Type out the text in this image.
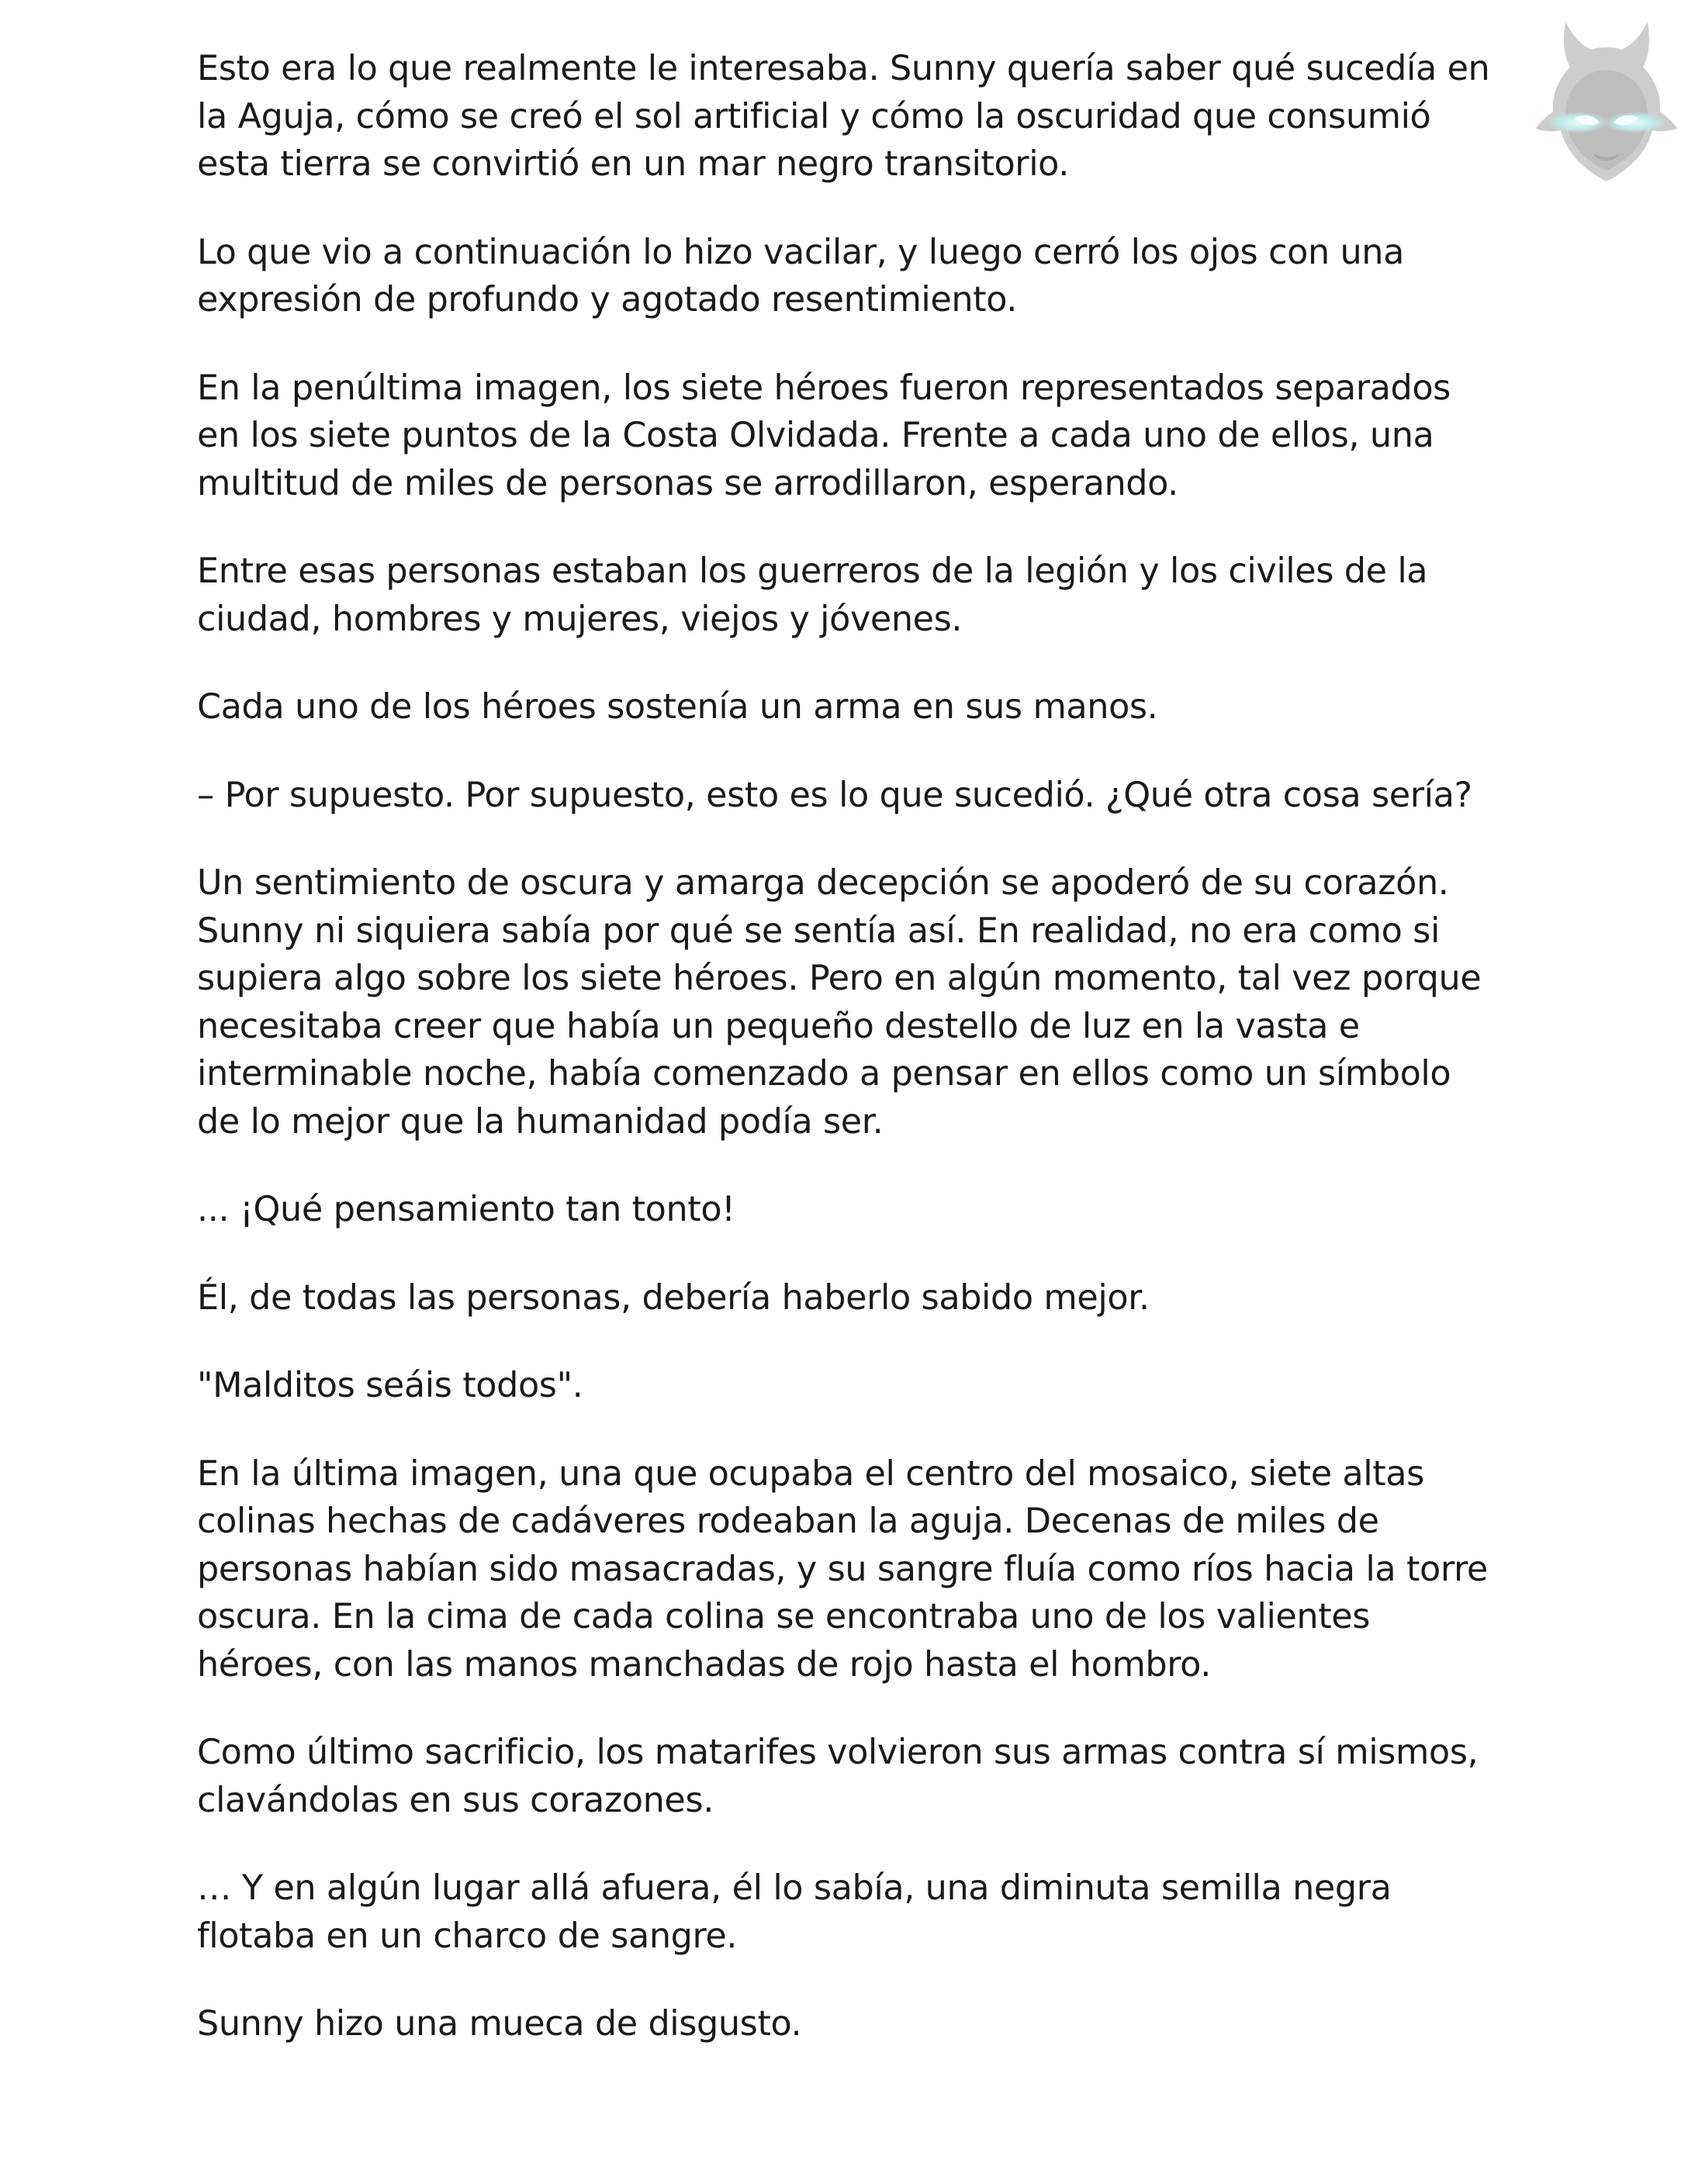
Esto era lo que realmente le interesaba. Sunny quería saber qué sucedía en la Aguja, cómo se creó el sol artificial y cómo la oscuridad que consumió esta tierra se convirtió en un mar negro transitorio.

Lo que vio a continuación lo hizo vacilar, y luego cerró los ojos con una expresión de profundo y agotado resentimiento.

En la penúltima imagen, los siete héroes fueron representados separados en los siete puntos de la Costa Olvidada. Frente a cada uno de ellos, una multitud de miles de personas se arrodillaron, esperando.

Entre esas personas estaban los guerreros de la legión y los civiles de la ciudad, hombres y mujeres, viejos y jóvenes.

Cada uno de los héroes sostenía un arma en sus manos.

– Por supuesto. Por supuesto, esto es lo que sucedió. ¿Qué otra cosa sería?

Un sentimiento de oscura y amarga decepción se apoderó de su corazón. Sunny ni siquiera sabía por qué se sentía así. En realidad, no era como si supiera algo sobre los siete héroes. Pero en algún momento, tal vez porque necesitaba creer que había un pequeño destello de luz en la vasta e interminable noche, había comenzado a pensar en ellos como un símbolo de lo mejor que la humanidad podía ser.

... ¡Qué pensamiento tan tonto!

Él, de todas las personas, debería haberlo sabido mejor.

"Malditos seáis todos".

En la última imagen, una que ocupaba el centro del mosaico, siete altas colinas hechas de cadáveres rodeaban la aguja. Decenas de miles de personas habían sido masacradas, y su sangre fluía como ríos hacia la torre oscura. En la cima de cada colina se encontraba uno de los valientes héroes, con las manos manchadas de rojo hasta el hombro.

Como último sacrificio, los matarifes volvieron sus armas contra sí mismos, clavándolas en sus corazones.

… Y en algún lugar allá afuera, él lo sabía, una diminuta semilla negra flotaba en un charco de sangre.

Sunny hizo una mueca de disgusto.
